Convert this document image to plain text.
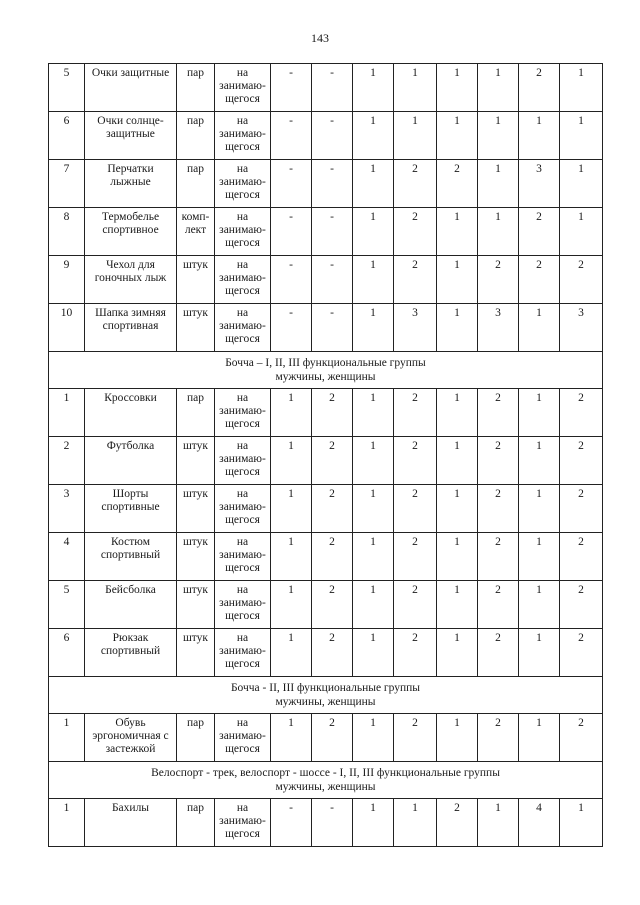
143
5	Очки защитные	пар	на занимаю-щегося	-	-	1	1	1	1	2	1
6	Очки солнце-защитные	пар	на занимаю-щегося	-	-	1	1	1	1	1	1
7	Перчатки лыжные	пар	на занимаю-щегося	-	-	1	2	2	1	3	1
8	Термобелье спортивное	комп-лект	на занимаю-щегося	-	-	1	2	1	1	2	1
9	Чехол для гоночных лыж	штук	на занимаю-щегося	-	-	1	2	1	2	2	2
10	Шапка зимняя спортивная	штук	на занимаю-щегося	-	-	1	3	1	3	1	3

Бочча – I, II, III функциональные группы
мужчины, женщины											

1	Кроссовки	пар	на занимаю-щегося	1	2	1	2	1	2	1	2
2	Футболка	штук	на занимаю-щегося	1	2	1	2	1	2	1	2
3	Шорты спортивные	штук	на занимаю-щегося	1	2	1	2	1	2	1	2
4	Костюм спортивный	штук	на занимаю-щегося	1	2	1	2	1	2	1	2
5	Бейсболка	штук	на занимаю-щегося	1	2	1	2	1	2	1	2
6	Рюкзак спортивный	штук	на занимаю-щегося	1	2	1	2	1	2	1	2

Бочча - II, III функциональные группы
мужчины, женщины											

1	Обувь эргономичная с застежкой	пар	на занимаю-щегося	1	2	1	2	1	2	1	2

Велоспорт - трек, велоспорт - шоссе - I, II, III функциональные группы
мужчины, женщины											

1	Бахилы	пар	на занимаю-щегося	-	-	1	1	2	1	4	1
